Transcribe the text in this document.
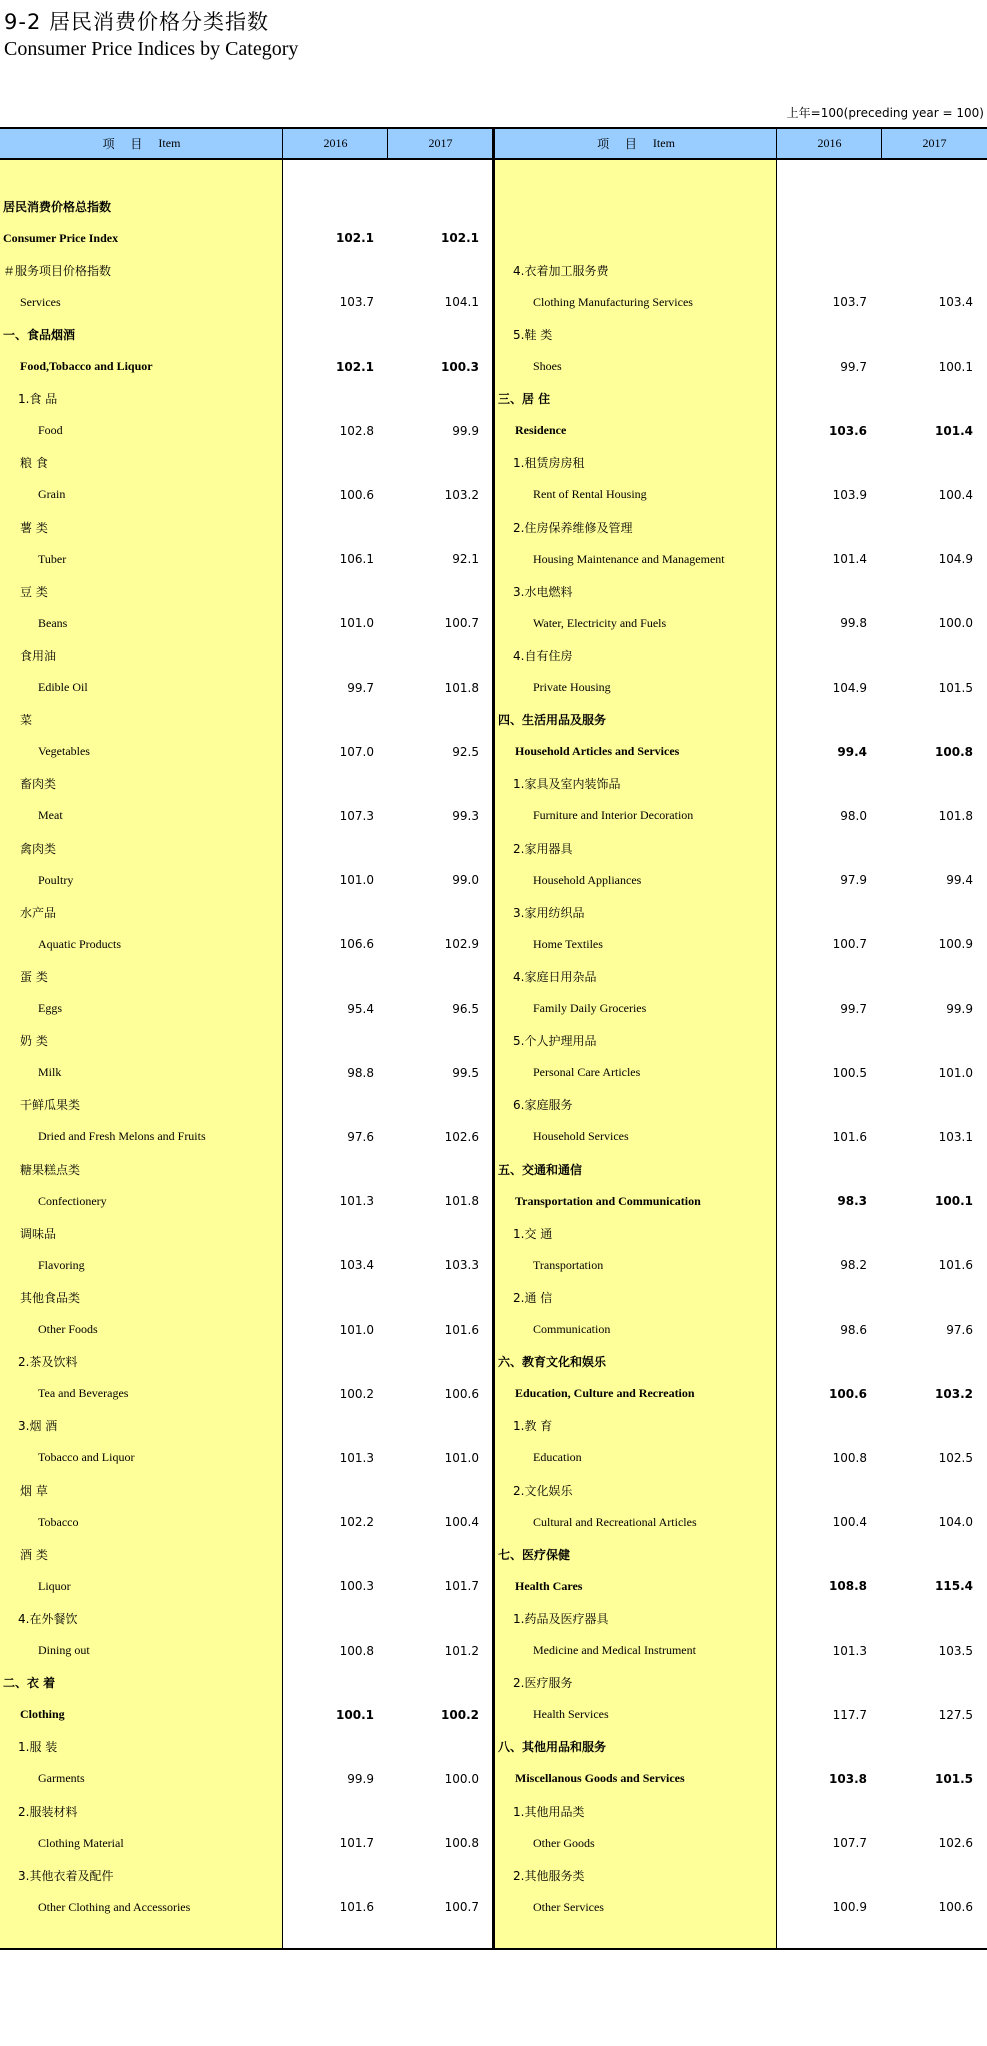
9-2 居民消费价格分类指数
Consumer Price Indices by Category
上年=100(preceding year = 100)
项 目 Item	2016	2017	项 目 Item	2016	2017
居民消费价格总指数
Consumer Price Index	102.1	102.1
＃服务项目价格指数
Services	103.7	104.1
一、食品烟酒
Food,Tobacco and Liquor	102.1	100.3
1.食 品
Food	102.8	99.9
粮 食
Grain	100.6	103.2
薯 类
Tuber	106.1	92.1
豆 类
Beans	101.0	100.7
食用油
Edible Oil	99.7	101.8
菜
Vegetables	107.0	92.5
畜肉类
Meat	107.3	99.3
禽肉类
Poultry	101.0	99.0
水产品
Aquatic Products	106.6	102.9
蛋 类
Eggs	95.4	96.5
奶 类
Milk	98.8	99.5
干鲜瓜果类
Dried and Fresh Melons and Fruits	97.6	102.6
糖果糕点类
Confectionery	101.3	101.8
调味品
Flavoring	103.4	103.3
其他食品类
Other Foods	101.0	101.6
2.茶及饮料
Tea and Beverages	100.2	100.6
3.烟 酒
Tobacco and Liquor	101.3	101.0
烟 草
Tobacco	102.2	100.4
酒 类
Liquor	100.3	101.7
4.在外餐饮
Dining out	100.8	101.2
二、衣 着
Clothing	100.1	100.2
1.服 装
Garments	99.9	100.0
2.服装材料
Clothing Material	101.7	100.8
3.其他衣着及配件
Other Clothing and Accessories	101.6	100.7
4.衣着加工服务费
Clothing Manufacturing Services	103.7	103.4
5.鞋 类
Shoes	99.7	100.1
三、居 住
Residence	103.6	101.4
1.租赁房房租
Rent of Rental Housing	103.9	100.4
2.住房保养维修及管理
Housing Maintenance and Management	101.4	104.9
3.水电燃料
Water, Electricity and Fuels	99.8	100.0
4.自有住房
Private Housing	104.9	101.5
四、生活用品及服务
Household Articles and Services	99.4	100.8
1.家具及室内装饰品
Furniture and Interior Decoration	98.0	101.8
2.家用器具
Household Appliances	97.9	99.4
3.家用纺织品
Home Textiles	100.7	100.9
4.家庭日用杂品
Family Daily Groceries	99.7	99.9
5.个人护理用品
Personal Care Articles	100.5	101.0
6.家庭服务
Household Services	101.6	103.1
五、交通和通信
Transportation and Communication	98.3	100.1
1.交 通
Transportation	98.2	101.6
2.通 信
Communication	98.6	97.6
六、教育文化和娱乐
Education, Culture and Recreation	100.6	103.2
1.教 育
Education	100.8	102.5
2.文化娱乐
Cultural and Recreational Articles	100.4	104.0
七、医疗保健
Health Cares	108.8	115.4
1.药品及医疗器具
Medicine and Medical Instrument	101.3	103.5
2.医疗服务
Health Services	117.7	127.5
八、其他用品和服务
Miscellanous Goods and Services	103.8	101.5
1.其他用品类
Other Goods	107.7	102.6
2.其他服务类
Other Services	100.9	100.6
